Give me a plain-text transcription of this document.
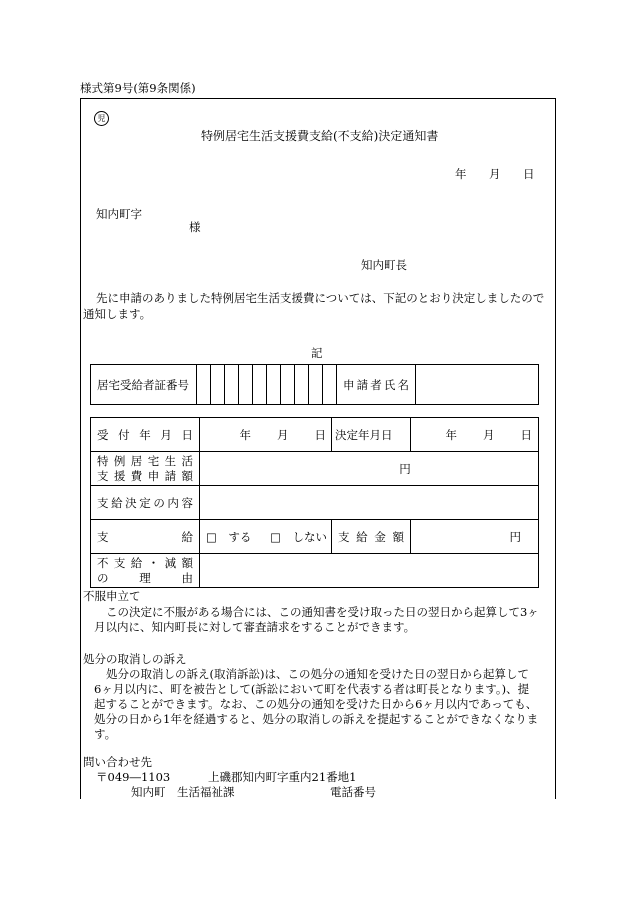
様式第9号(第9条関係)
児
特例居宅生活支援費支給(不支給)決定通知書
年 月 日
知内町字
様
知内町長
先に申請のありました特例居宅生活支援費については、下記のとおり決定しましたので
通知します。
記
居宅受給者証番号											申請者氏名

受付年月日	年 月 日	決定年月日	年 月 日

特例居宅生活
支援費申請額	円		

支給決定の内容			

支 給	□　する □　しない	支給金額	円

不支給・減額
の 理 由			

不服申立て
この決定に不服がある場合には、この通知書を受け取った日の翌日から起算して3ヶ
月以内に、知内町長に対して審査請求をすることができます。
処分の取消しの訴え
処分の取消しの訴え(取消訴訟)は、この処分の通知を受けた日の翌日から起算して
6ヶ月以内に、町を被告として(訴訟において町を代表する者は町長となります。)、提
起することができます。なお、この処分の通知を受けた日から6ヶ月以内であっても、
処分の日から1年を経過すると、処分の取消しの訴えを提起することができなくなりま
す。
問い合わせ先
〒049―1103	上磯郡知内町字重内21番地1
知内町　生活福祉課	電話番号
